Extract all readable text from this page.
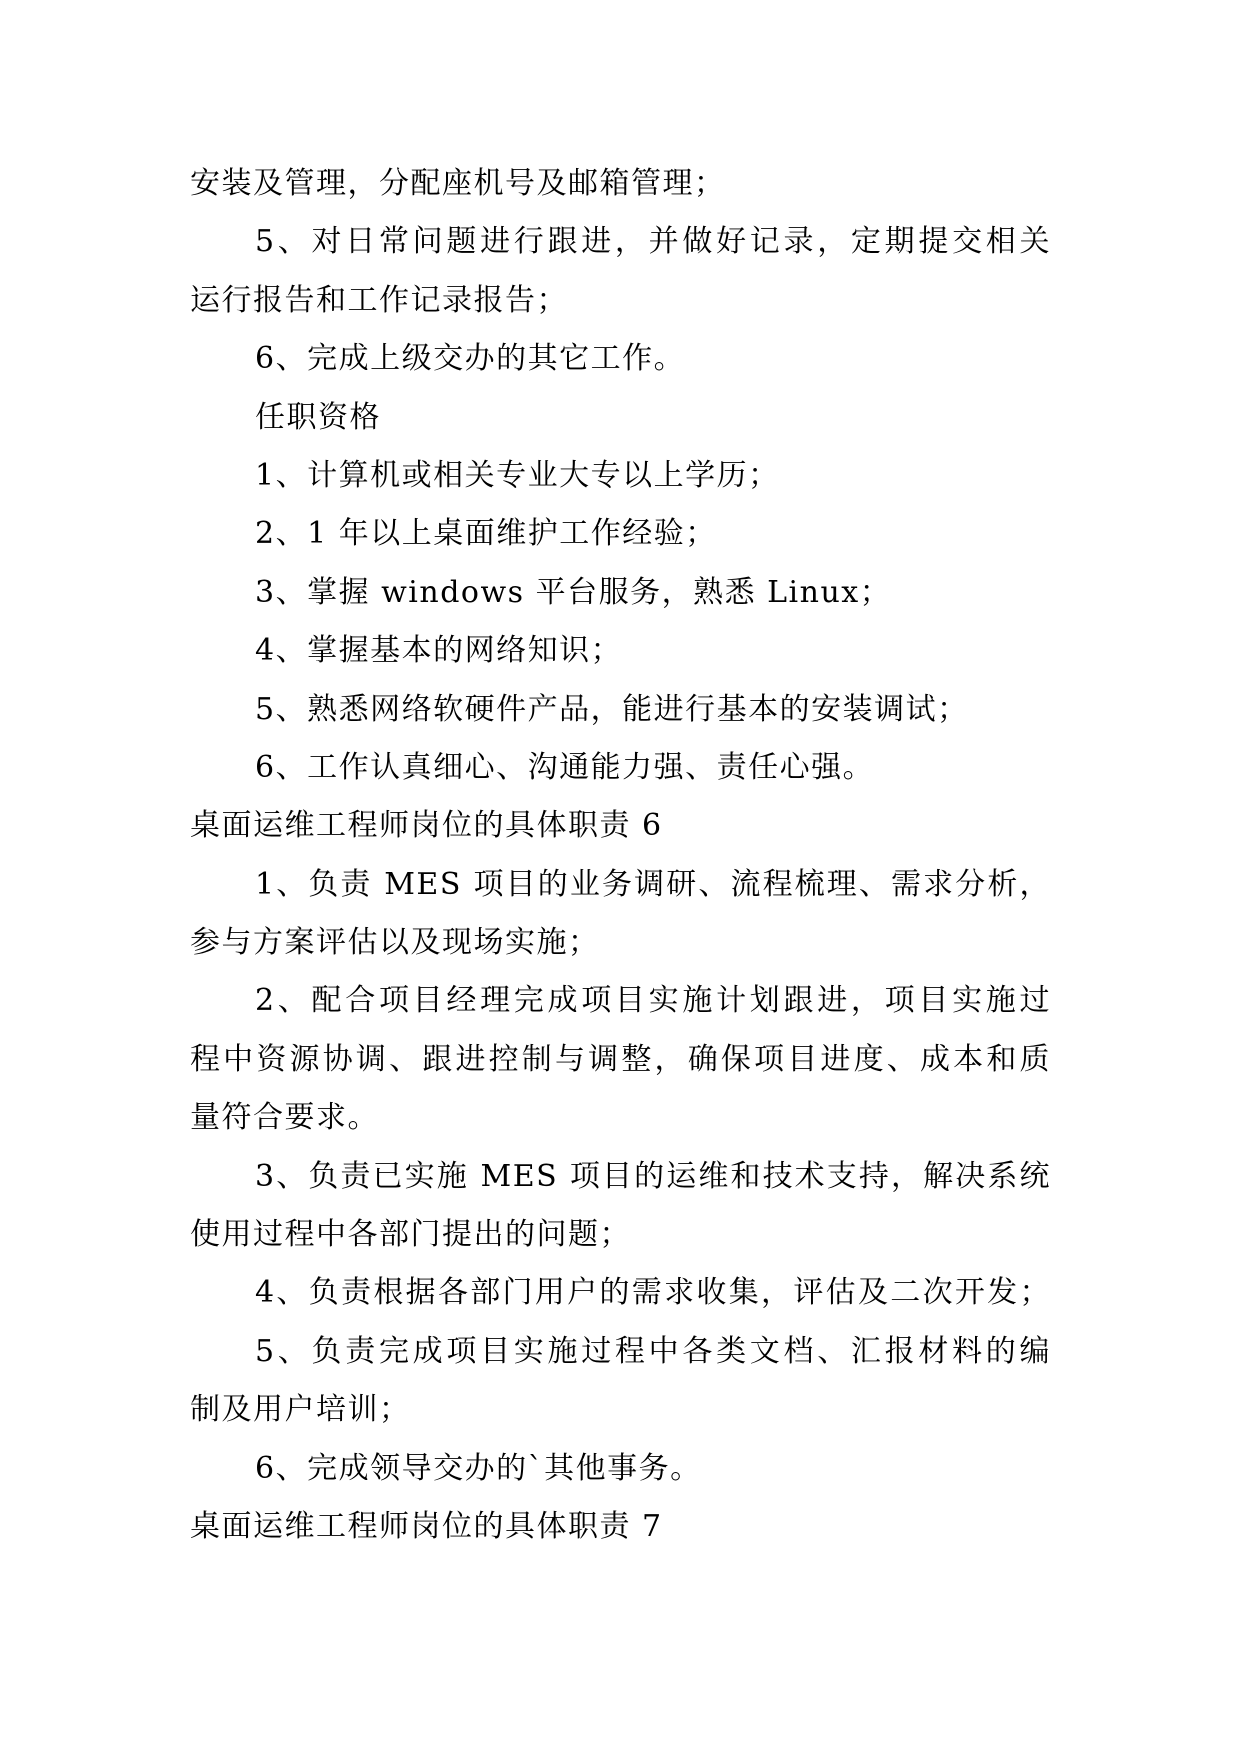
安装及管理，分配座机号及邮箱管理；
5、对日常问题进行跟进，并做好记录，定期提交相关
运行报告和工作记录报告；
6、完成上级交办的其它工作。
任职资格
1、计算机或相关专业大专以上学历；
2、1 年以上桌面维护工作经验；
3、掌握 windows 平台服务，熟悉 Linux；
4、掌握基本的网络知识；
5、熟悉网络软硬件产品，能进行基本的安装调试；
6、工作认真细心、沟通能力强、责任心强。
桌面运维工程师岗位的具体职责 6
1、负责 MES 项目的业务调研、流程梳理、需求分析，
参与方案评估以及现场实施；
2、配合项目经理完成项目实施计划跟进，项目实施过
程中资源协调、跟进控制与调整，确保项目进度、成本和质
量符合要求。
3、负责已实施 MES 项目的运维和技术支持，解决系统
使用过程中各部门提出的问题；
4、负责根据各部门用户的需求收集，评估及二次开发；
5、负责完成项目实施过程中各类文档、汇报材料的编
制及用户培训；
6、完成领导交办的`其他事务。
桌面运维工程师岗位的具体职责 7
